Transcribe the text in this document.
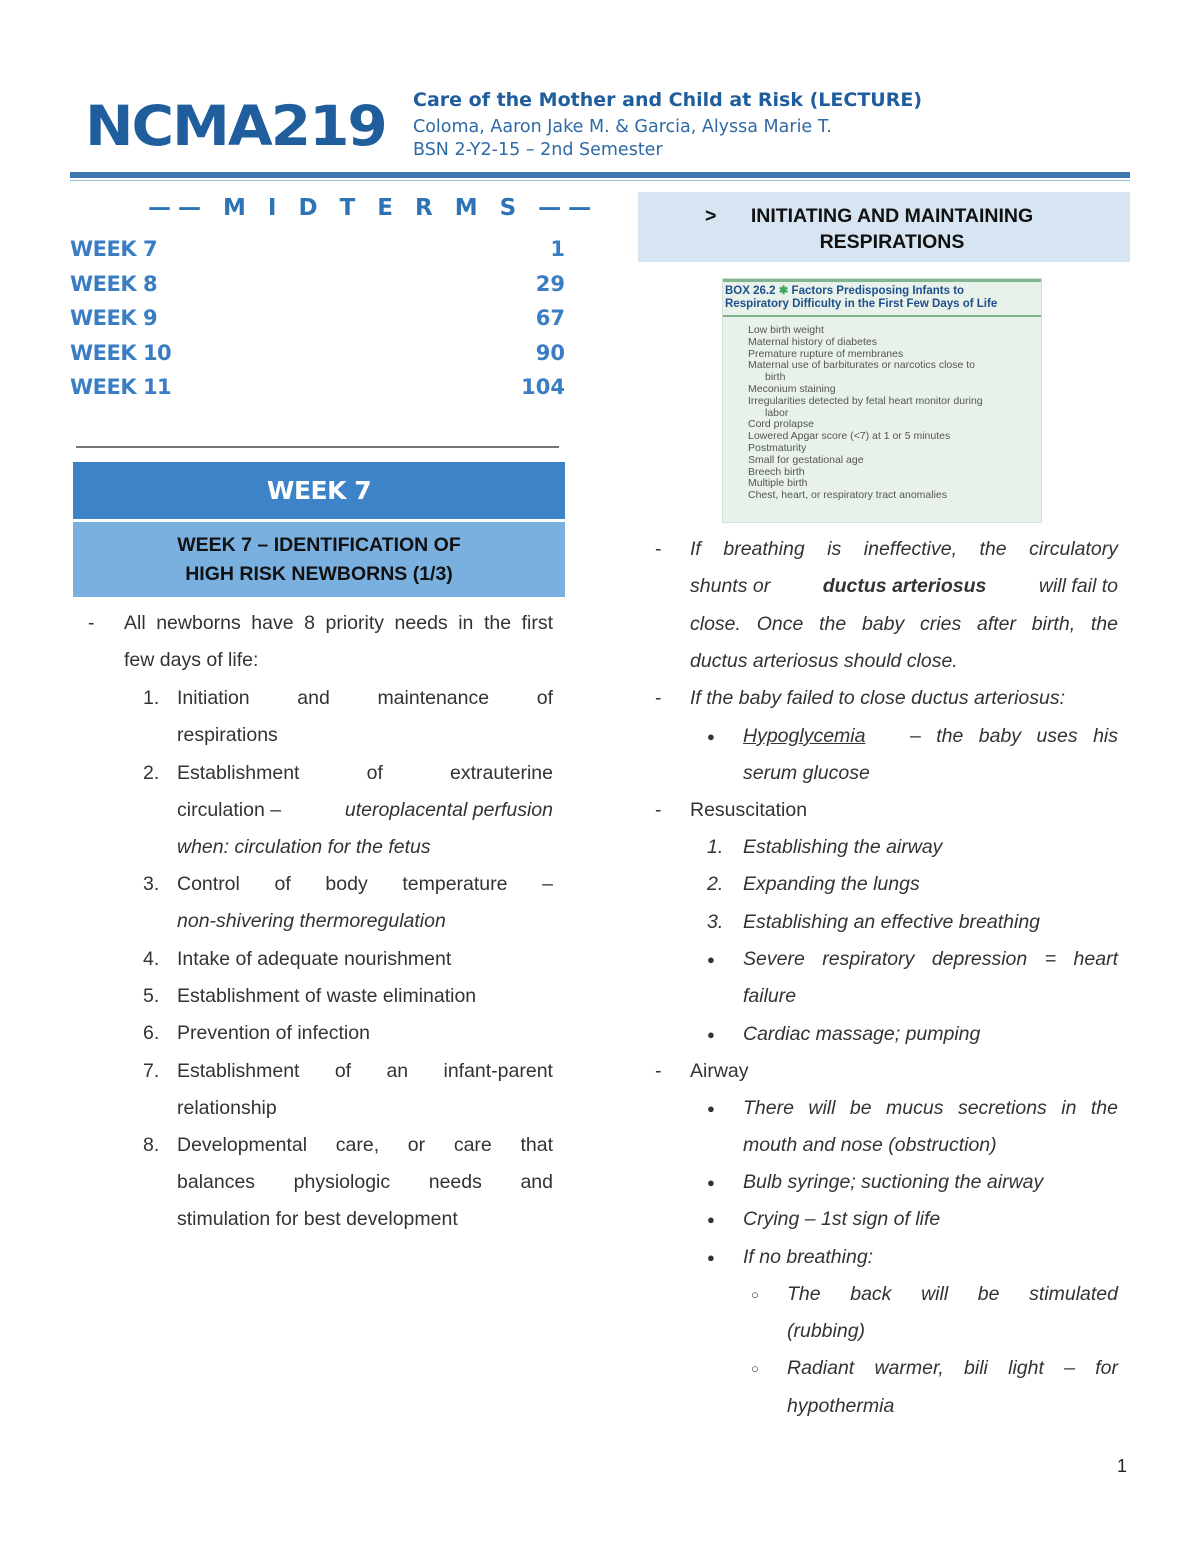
NCMA219 Care of the Mother and Child at Risk (LECTURE)
Coloma, Aaron Jake M. & Garcia, Alyssa Marie T.
BSN 2-Y2-15 – 2nd Semester
—— M I D T E R M S ——
WEEK 7	1
WEEK 8	29
WEEK 9	67
WEEK 10	90
WEEK 11	104
WEEK 7
WEEK 7 – IDENTIFICATION OF
HIGH RISK NEWBORNS (1/3)
- All newborns have 8 priority needs in the first
few days of life:
1. Initiation and maintenance of
respirations
2. Establishment	of	extrauterine
circulation –	uteroplacental perfusion
when: circulation for the fetus
3. Control of body temperature –
non-shivering thermoregulation
4. Intake of adequate nourishment
5. Establishment of waste elimination
6. Prevention of infection
7. Establishment of an infant-parent
relationship
8. Developmental care, or care that
balances physiologic needs and
stimulation for best development
>	INITIATING AND MAINTAINING
RESPIRATIONS
BOX 26.2 ✱ Factors Predisposing Infants to
Respiratory Difficulty in the First Few Days of Life
Low birth weight
Maternal history of diabetes
Premature rupture of membranes
Maternal use of barbiturates or narcotics close to
birth
Meconium staining
Irregularities detected by fetal heart monitor during
labor
Cord prolapse
Lowered Apgar score (<7) at 1 or 5 minutes
Postmaturity
Small for gestational age
Breech birth
Multiple birth
Chest, heart, or respiratory tract anomalies
- If breathing is ineffective, the circulatory
shunts or	ductus arteriosus	will fail to
close. Once the baby cries after birth, the
ductus arteriosus should close.
- If the baby failed to close ductus arteriosus:
● Hypoglycemia – the baby uses his
serum glucose
- Resuscitation
1. Establishing the airway
2. Expanding the lungs
3. Establishing an effective breathing
● Severe respiratory depression = heart
failure
● Cardiac massage; pumping
- Airway
● There will be mucus secretions in the
mouth and nose (obstruction)
● Bulb syringe; suctioning the airway
● Crying – 1st sign of life
● If no breathing:
○ The back will be stimulated
(rubbing)
○ Radiant warmer, bili light – for
hypothermia
1
